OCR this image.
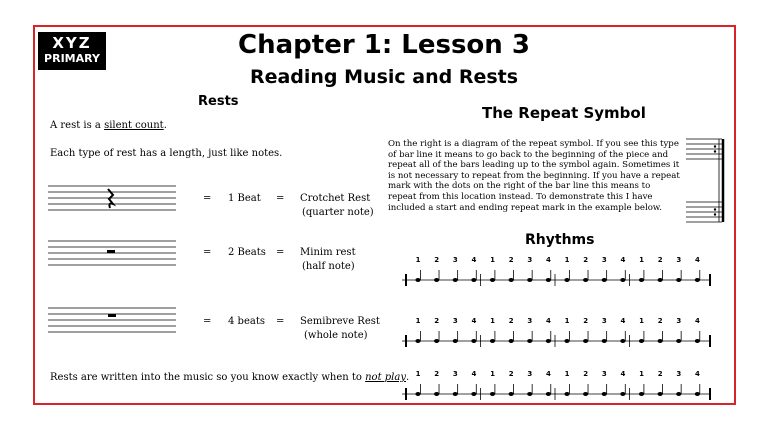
XYZ
PRIMARY	Chapter 1: Lesson 3
Reading Music and Rests
Rests
A rest is a silent count.
Each type of rest has a length, just like notes.
1 2 3 4 1 2 3 4 1 2 3 4 1 2 3 4
1 2 3 4 1 2 3 4 1 2 3 4 1 2 3 4
1 2 3 4 1 2 3 4 1 2 3 4 1 2 3 4
= 1 Beat = Crotchet Rest
(quarter note)
= 2 Beats = Minim rest
(half note)
= 4 beats = Semibreve Rest
(whole note)
Rests are written into the music so you know exactly when to not play.
The Repeat Symbol
On the right is a diagram of the repeat symbol. If you see this type of bar line it means to go back to the beginning of the piece and repeat all of the bars leading up to the symbol again. Sometimes it is not necessary to repeat from the beginning. If you have a repeat mark with the dots on the right of the bar line this means to repeat from this location instead. To demonstrate this I have included a start and ending repeat mark in the example below.
Rhythms
